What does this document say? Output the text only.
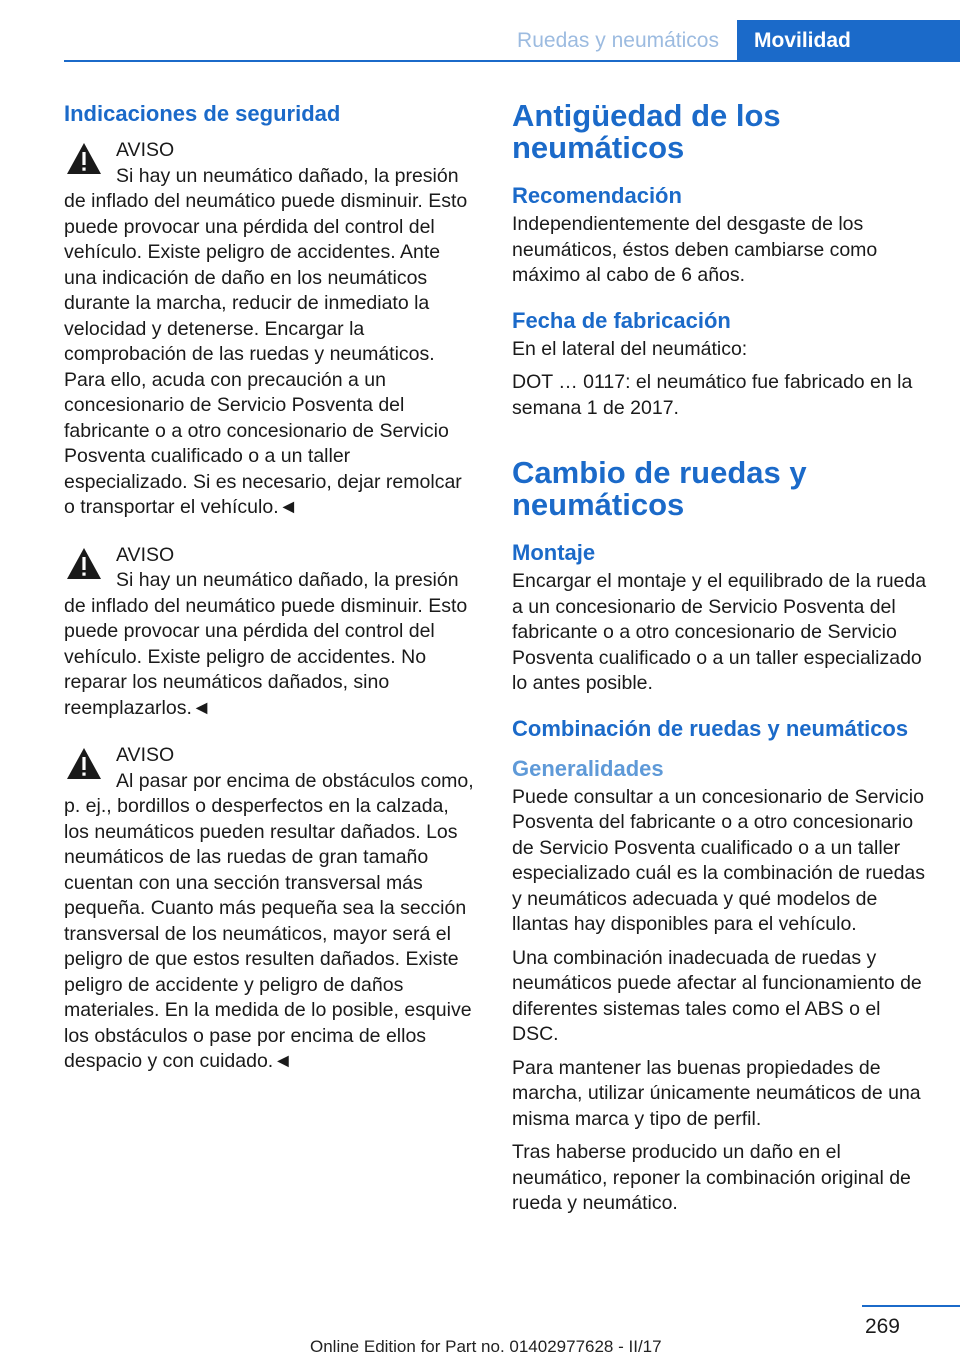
Ruedas y neumáticos	Movilidad
Indicaciones de seguridad

AVISO

Si hay un neumático dañado, la presión de inflado del neumático puede disminuir. Esto puede provocar una pérdida del control del vehículo. Existe peligro de accidentes. Ante una indicación de daño en los neumáticos durante la marcha, reducir de inmediato la velocidad y detenerse. Encargar la comprobación de las ruedas y neumáticos. Para ello, acuda con precaución a un concesionario de Servicio Posventa del fabricante o a otro concesionario de Servicio Posventa cualificado o a un taller especializado. Si es necesario, dejar remolcar o transportar el vehículo.◄

AVISO

Si hay un neumático dañado, la presión de inflado del neumático puede disminuir. Esto puede provocar una pérdida del control del vehículo. Existe peligro de accidentes. No reparar los neumáticos dañados, sino reemplazarlos.◄

AVISO

Al pasar por encima de obstáculos como, p. ej., bordillos o desperfectos en la calzada, los neumáticos pueden resultar dañados. Los neumáticos de las ruedas de gran tamaño cuentan con una sección transversal más pequeña. Cuanto más pequeña sea la sección transversal de los neumáticos, mayor será el peligro de que estos resulten dañados. Existe peligro de accidente y peligro de daños materiales. En la medida de lo posible, esquive los obstáculos o pase por encima de ellos despacio y con cuidado.◄

Antigüedad de los neumáticos
Recomendación

Independientemente del desgaste de los neumáticos, éstos deben cambiarse como máximo al cabo de 6 años.

Fecha de fabricación

En el lateral del neumático:

DOT … 0117: el neumático fue fabricado en la semana 1 de 2017.

Cambio de ruedas y neumáticos
Montaje

Encargar el montaje y el equilibrado de la rueda a un concesionario de Servicio Posventa del fabricante o a otro concesionario de Servicio Posventa cualificado o a un taller especializado lo antes posible.

Combinación de ruedas y neumáticos
Generalidades

Puede consultar a un concesionario de Servicio Posventa del fabricante o a otro concesionario de Servicio Posventa cualificado o a un taller especializado cuál es la combinación de ruedas y neumáticos adecuada y qué modelos de llantas hay disponibles para el vehículo.

Una combinación inadecuada de ruedas y neumáticos puede afectar al funcionamiento de diferentes sistemas tales como el ABS o el DSC.

Para mantener las buenas propiedades de marcha, utilizar únicamente neumáticos de una misma marca y tipo de perfil.

Tras haberse producido un daño en el neumático, reponer la combinación original de rueda y neumático.

269
Online Edition for Part no. 01402977628 - II/17
